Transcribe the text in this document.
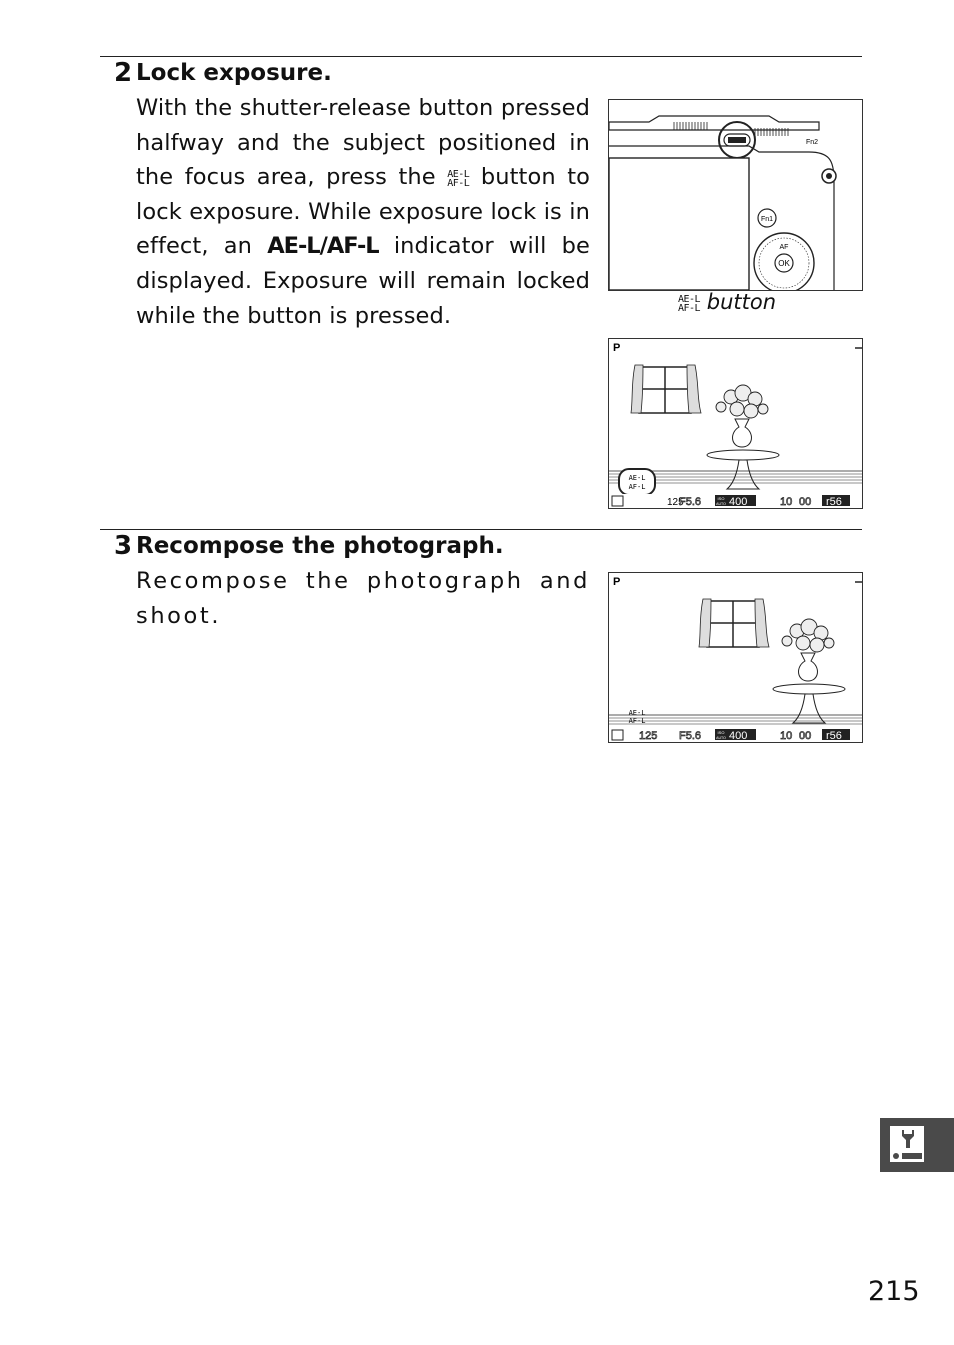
2 Lock exposure.
With the shutter-release button pressed halfway and the subject positioned in the focus area, press the AE-L
AF-L button to lock exposure. While exposure lock is in effect, an AE-L/AF-L indicator will be displayed. Exposure will remain locked while the button is pressed.
Fn1
Fn2
OK
AF
AE-L
AF-L button
P
AE-L
AF-L
125
F5.6	ISO
AUTO 400	10 00 r56
3 Recompose the photograph.
Recompose the photograph and shoot.
P
AE-L
AF-L
125 F5.6	ISO
AUTO 400	10 00 r56
215
